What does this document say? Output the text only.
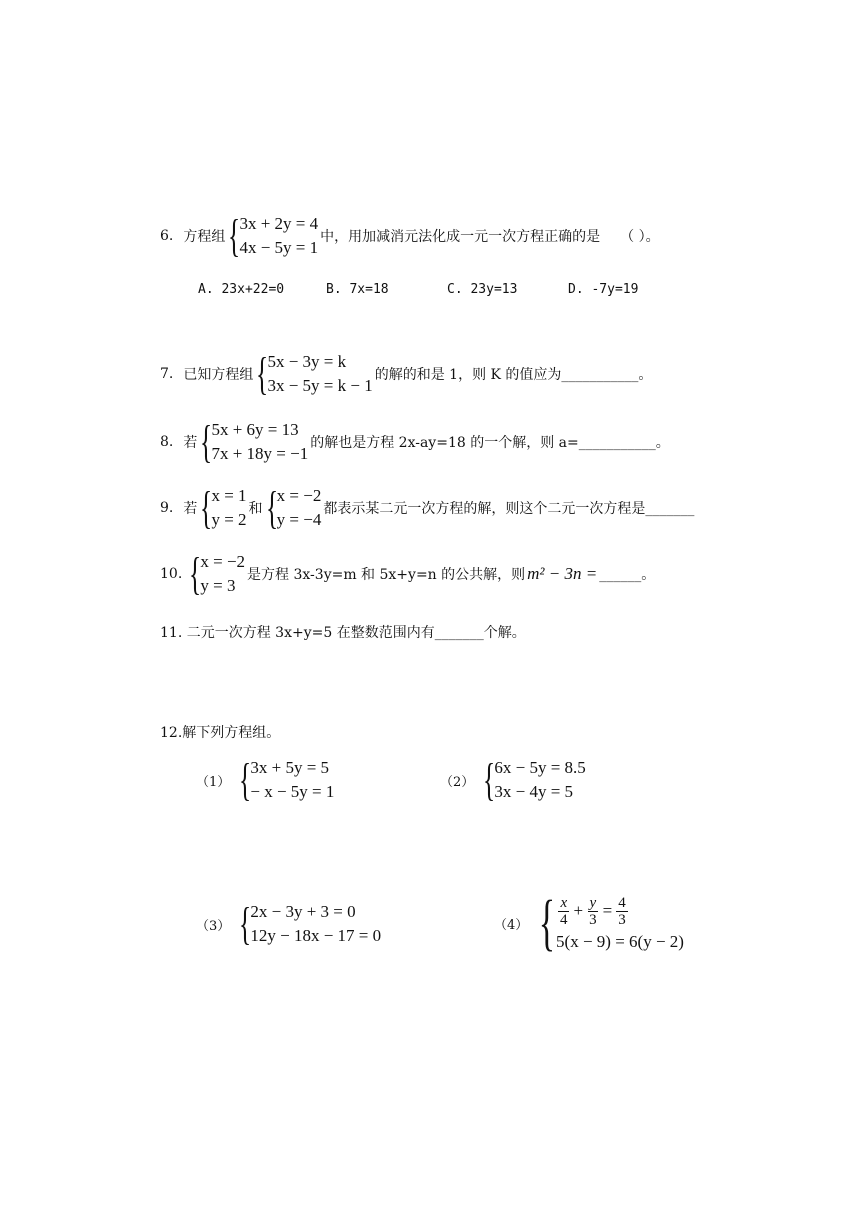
6. 方程组 {
3x + 2y = 4
4x − 5y = 1
中，用加减消元法化成一元一次方程正确的是 （ ）。
A. 23x+22=0	B. 7x=18	C. 23y=13	D. -7y=19
7. 已知方程组 {
5x − 3y = k
3x − 5y = k − 1
的解的和是 1，则 K 的值应为___________。
8. 若 {
5x + 6y = 13
7x + 18y = −1
的解也是方程 2x-ay=18 的一个解，则 a=___________。
9. 若 {
x = 1
y = 2
和 {
x = −2
y = −4
都表示某二元一次方程的解，则这个二元一次方程是_______
10. {
x = −2
y = 3
是方程 3x-3y=m 和 5x+y=n 的公共解，则 m² − 3n = ______。
11. 二元一次方程 3x+y=5 在整数范围内有_______个解。
12.解下列方程组。
（1） {
3x + 5y = 5
− x − 5y = 1	（2） {
6x − 5y = 8.5
3x − 4y = 5
（3） {
2x − 3y + 3 = 0
12y − 18x − 17 = 0
（4） { $\frac{x}{4} + \frac{y}{3} = \frac{4}{3}$
5(x − 9) = 6(y − 2)
